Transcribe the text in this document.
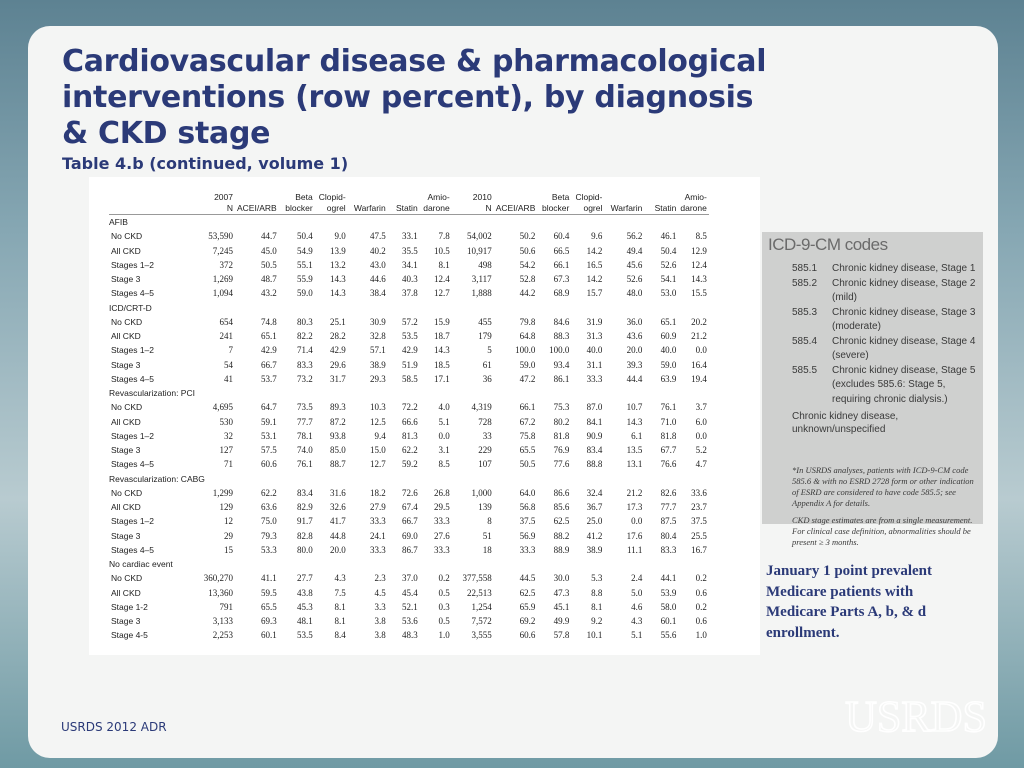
Cardiovascular disease & pharmacological interventions (row percent), by diagnosis & CKD stage

Table 4.b (continued, volume 1)

	2007		Beta	Clopid-			Amio-	2010		Beta	Clopid-			Amio-
	N	ACEI/ARB	blocker	ogrel	Warfarin	Statin	darone	N	ACEI/ARB	blocker	ogrel	Warfarin	Statin	darone
AFIB														
No CKD	53,590	44.7	50.4	9.0	47.5	33.1	7.8	54,002	50.2	60.4	9.6	56.2	46.1	8.5
All CKD	7,245	45.0	54.9	13.9	40.2	35.5	10.5	10,917	50.6	66.5	14.2	49.4	50.4	12.9
Stages 1–2	372	50.5	55.1	13.2	43.0	34.1	8.1	498	54.2	66.1	16.5	45.6	52.6	12.4
Stage 3	1,269	48.7	55.9	14.3	44.6	40.3	12.4	3,117	52.8	67.3	14.2	52.6	54.1	14.3
Stages 4–5	1,094	43.2	59.0	14.3	38.4	37.8	12.7	1,888	44.2	68.9	15.7	48.0	53.0	15.5
ICD/CRT-D														
No CKD	654	74.8	80.3	25.1	30.9	57.2	15.9	455	79.8	84.6	31.9	36.0	65.1	20.2
All CKD	241	65.1	82.2	28.2	32.8	53.5	18.7	179	64.8	88.3	31.3	43.6	60.9	21.2
Stages 1–2	7	42.9	71.4	42.9	57.1	42.9	14.3	5	100.0	100.0	40.0	20.0	40.0	0.0
Stage 3	54	66.7	83.3	29.6	38.9	51.9	18.5	61	59.0	93.4	31.1	39.3	59.0	16.4
Stages 4–5	41	53.7	73.2	31.7	29.3	58.5	17.1	36	47.2	86.1	33.3	44.4	63.9	19.4
Revascularization: PCI														
No CKD	4,695	64.7	73.5	89.3	10.3	72.2	4.0	4,319	66.1	75.3	87.0	10.7	76.1	3.7
All CKD	530	59.1	77.7	87.2	12.5	66.6	5.1	728	67.2	80.2	84.1	14.3	71.0	6.0
Stages 1–2	32	53.1	78.1	93.8	9.4	81.3	0.0	33	75.8	81.8	90.9	6.1	81.8	0.0
Stage 3	127	57.5	74.0	85.0	15.0	62.2	3.1	229	65.5	76.9	83.4	13.5	67.7	5.2
Stages 4–5	71	60.6	76.1	88.7	12.7	59.2	8.5	107	50.5	77.6	88.8	13.1	76.6	4.7
Revascularization: CABG														
No CKD	1,299	62.2	83.4	31.6	18.2	72.6	26.8	1,000	64.0	86.6	32.4	21.2	82.6	33.6
All CKD	129	63.6	82.9	32.6	27.9	67.4	29.5	139	56.8	85.6	36.7	17.3	77.7	23.7
Stages 1–2	12	75.0	91.7	41.7	33.3	66.7	33.3	8	37.5	62.5	25.0	0.0	87.5	37.5
Stage 3	29	79.3	82.8	44.8	24.1	69.0	27.6	51	56.9	88.2	41.2	17.6	80.4	25.5
Stages 4–5	15	53.3	80.0	20.0	33.3	86.7	33.3	18	33.3	88.9	38.9	11.1	83.3	16.7
No cardiac event														
No CKD	360,270	41.1	27.7	4.3	2.3	37.0	0.2	377,558	44.5	30.0	5.3	2.4	44.1	0.2
All CKD	13,360	59.5	43.8	7.5	4.5	45.4	0.5	22,513	62.5	47.3	8.8	5.0	53.9	0.6
Stage 1-2	791	65.5	45.3	8.1	3.3	52.1	0.3	1,254	65.9	45.1	8.1	4.6	58.0	0.2
Stage 3	3,133	69.3	48.1	8.1	3.8	53.6	0.5	7,572	69.2	49.9	9.2	4.3	60.1	0.6
Stage 4-5	2,253	60.1	53.5	8.4	3.8	48.3	1.0	3,555	60.6	57.8	10.1	5.1	55.6	1.0
ICD-9-CM codes
585.1	Chronic kidney disease, Stage 1
585.2	Chronic kidney disease, Stage 2 (mild)
585.3	Chronic kidney disease, Stage 3 (moderate)
585.4	Chronic kidney disease, Stage 4 (severe)
585.5	Chronic kidney disease, Stage 5 (excludes 585.6: Stage 5, requiring chronic dialysis.)
Chronic kidney disease, unknown/unspecified
*In USRDS analyses, patients with ICD-9-CM code 585.6 & with no ESRD 2728 form or other indication of ESRD are considered to have code 585.5; see Appendix A for details.
CKD stage estimates are from a single measurement. For clinical case definition, abnormalities should be present ≥ 3 months.

January 1 point prevalent Medicare patients with Medicare Parts A, b, & d enrollment.

USRDS 2012 ADR	USRDS
